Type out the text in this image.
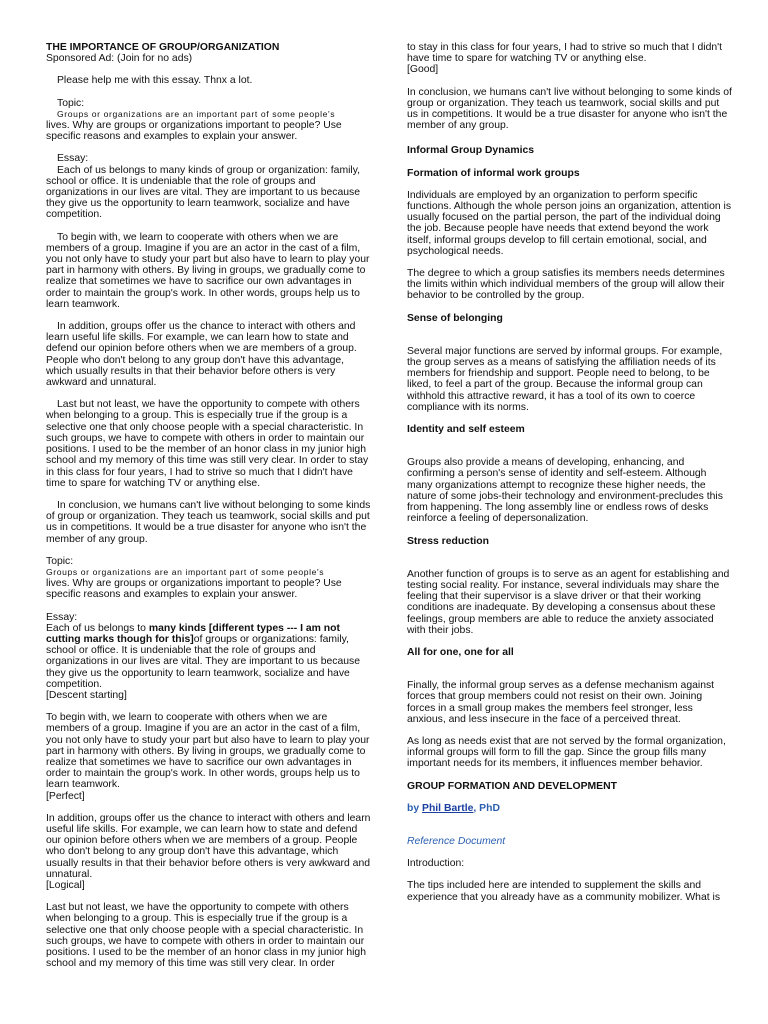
THE IMPORTANCE OF GROUP/ORGANIZATION

Sponsored Ad: (Join for no ads)

Please help me with this essay. Thnx a lot.

Topic:

Groups or organizations are an important part of some people's

lives. Why are groups or organizations important to people? Use specific reasons and examples to explain your answer.

Essay:

Each of us belongs to many kinds of group or organization: family, school or office. It is undeniable that the role of groups and organizations in our lives are vital. They are important to us because they give us the opportunity to learn teamwork, socialize and have competition.

To begin with, we learn to cooperate with others when we are members of a group. Imagine if you are an actor in the cast of a film, you not only have to study your part but also have to learn to play your part in harmony with others. By living in groups, we gradually come to realize that sometimes we have to sacrifice our own advantages in order to maintain the group's work. In other words, groups help us to learn teamwork.

In addition, groups offer us the chance to interact with others and learn useful life skills. For example, we can learn how to state and defend our opinion before others when we are members of a group. People who don't belong to any group don't have this advantage, which usually results in that their behavior before others is very awkward and unnatural.

Last but not least, we have the opportunity to compete with others when belonging to a group. This is especially true if the group is a selective one that only choose people with a special characteristic. In such groups, we have to compete with others in order to maintain our positions. I used to be the member of an honor class in my junior high school and my memory of this time was still very clear. In order to stay in this class for four years, I had to strive so much that I didn't have time to spare for watching TV or anything else.

In conclusion, we humans can't live without belonging to some kinds of group or organization. They teach us teamwork, social skills and put us in competitions. It would be a true disaster for anyone who isn't the member of any group.

Topic:

Groups or organizations are an important part of some people's

lives. Why are groups or organizations important to people? Use specific reasons and examples to explain your answer.

Essay:

Each of us belongs to many kinds [different types --- I am not cutting marks though for this]of groups or organizations: family, school or office. It is undeniable that the role of groups and organizations in our lives are vital. They are important to us because they give us the opportunity to learn teamwork, socialize and have competition.

[Descent starting]

To begin with, we learn to cooperate with others when we are members of a group. Imagine if you are an actor in the cast of a film, you not only have to study your part but also have to learn to play your part in harmony with others. By living in groups, we gradually come to realize that sometimes we have to sacrifice our own advantages in order to maintain the group's work. In other words, groups help us to learn teamwork.

[Perfect]

In addition, groups offer us the chance to interact with others and learn useful life skills. For example, we can learn how to state and defend our opinion before others when we are members of a group. People who don't belong to any group don't have this advantage, which usually results in that their behavior before others is very awkward and unnatural.

[Logical]

Last but not least, we have the opportunity to compete with others when belonging to a group. This is especially true if the group is a selective one that only choose people with a special characteristic. In such groups, we have to compete with others in order to maintain our positions. I used to be the member of an honor class in my junior high school and my memory of this time was still very clear. In order

to stay in this class for four years, I had to strive so much that I didn't have time to spare for watching TV or anything else.

[Good]

In conclusion, we humans can't live without belonging to some kinds of group or organization. They teach us teamwork, social skills and put us in competitions. It would be a true disaster for anyone who isn't the member of any group.

Informal Group Dynamics

Formation of informal work groups

Individuals are employed by an organization to perform specific functions. Although the whole person joins an organization, attention is usually focused on the partial person, the part of the individual doing the job. Because people have needs that extend beyond the work itself, informal groups develop to fill certain emotional, social, and psychological needs.

The degree to which a group satisfies its members needs determines the limits within which individual members of the group will allow their behavior to be controlled by the group.

Sense of belonging

Several major functions are served by informal groups. For example, the group serves as a means of satisfying the affiliation needs of its members for friendship and support. People need to belong, to be liked, to feel a part of the group. Because the informal group can withhold this attractive reward, it has a tool of its own to coerce compliance with its norms.

Identity and self esteem

Groups also provide a means of developing, enhancing, and confirming a person's sense of identity and self-esteem. Although many organizations attempt to recognize these higher needs, the nature of some jobs-their technology and environment-precludes this from happening. The long assembly line or endless rows of desks reinforce a feeling of depersonalization.

Stress reduction

Another function of groups is to serve as an agent for establishing and testing social reality. For instance, several individuals may share the feeling that their supervisor is a slave driver or that their working conditions are inadequate. By developing a consensus about these feelings, group members are able to reduce the anxiety associated with their jobs.

All for one, one for all

Finally, the informal group serves as a defense mechanism against forces that group members could not resist on their own. Joining forces in a small group makes the members feel stronger, less anxious, and less insecure in the face of a perceived threat.

As long as needs exist that are not served by the formal organization, informal groups will form to fill the gap. Since the group fills many important needs for its members, it influences member behavior.

GROUP FORMATION AND DEVELOPMENT

by Phil Bartle, PhD

Reference Document

Introduction:

The tips included here are intended to supplement the skills and experience that you already have as a community mobilizer. What is
